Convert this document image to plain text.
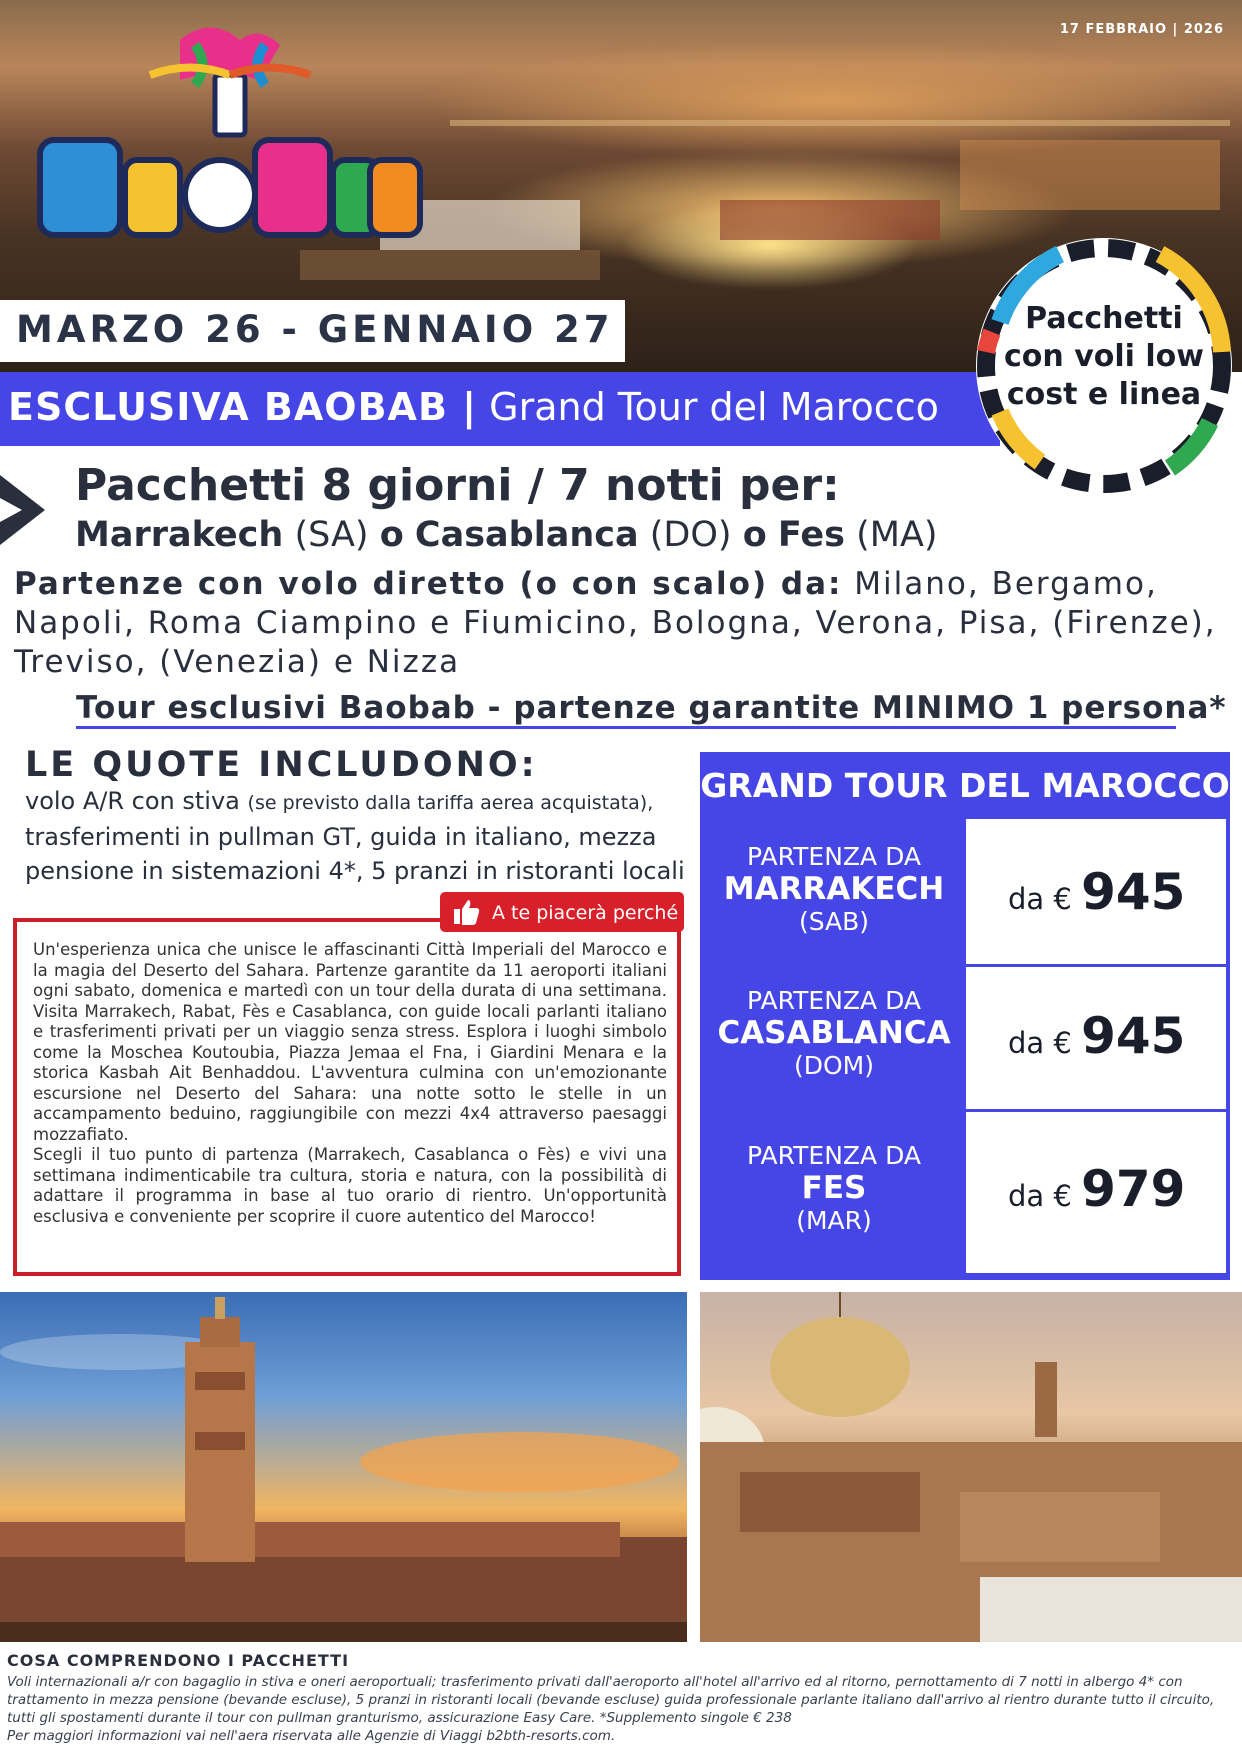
17 FEBBRAIO | 2026
MARZO 26 - GENNAIO 27
ESCLUSIVA BAOBAB | Grand Tour del Marocco
Pacchetti con voli low cost e linea
Pacchetti 8 giorni / 7 notti per:
Marrakech (SA) o Casablanca (DO) o Fes (MA)
Partenze con volo diretto (o con scalo) da: Milano, Bergamo, Napoli, Roma Ciampino e Fiumicino, Bologna, Verona, Pisa, (Firenze), Treviso, (Venezia) e Nizza
Tour esclusivi Baobab - partenze garantite MINIMO 1 persona*
LE QUOTE INCLUDONO:
volo A/R con stiva (se previsto dalla tariffa aerea acquistata),
trasferimenti in pullman GT, guida in italiano, mezza pensione in sistemazioni 4*, 5 pranzi in ristoranti locali
Un'esperienza unica che unisce le affascinanti Città Imperiali del Marocco e la magia del Deserto del Sahara. Partenze garantite da 11 aeroporti italiani ogni sabato, domenica e martedì con un tour della durata di una settimana. Visita Marrakech, Rabat, Fès e Casablanca, con guide locali parlanti italiano e trasferimenti privati per un viaggio senza stress. Esplora i luoghi simbolo come la Moschea Koutoubia, Piazza Jemaa el Fna, i Giardini Menara e la storica Kasbah Ait Benhaddou. L'avventura culmina con un'emozionante escursione nel Deserto del Sahara: una notte sotto le stelle in un accampamento beduino, raggiungibile con mezzi 4x4 attraverso paesaggi mozzafiato.
Scegli il tuo punto di partenza (Marrakech, Casablanca o Fès) e vivi una settimana indimenticabile tra cultura, storia e natura, con la possibilità di adattare il programma in base al tuo orario di rientro. Un'opportunità esclusiva e conveniente per scoprire il cuore autentico del Marocco!
A te piacerà perché
GRAND TOUR DEL MAROCCO
PARTENZA DA
MARRAKECH
(SAB)
da € 945
PARTENZA DA
CASABLANCA
(DOM)
da € 945
PARTENZA DA
FES
(MAR)
da € 979
COSA COMPRENDONO I PACCHETTI
Voli internazionali a/r con bagaglio in stiva e oneri aeroportuali; trasferimento privati dall'aeroporto all'hotel all'arrivo ed al ritorno, pernottamento di 7 notti in albergo 4* con trattamento in mezza pensione (bevande escluse), 5 pranzi in ristoranti locali (bevande escluse) guida professionale parlante italiano dall'arrivo al rientro durante tutto il circuito, tutti gli spostamenti durante il tour con pullman granturismo, assicurazione Easy Care. *Supplemento singole € 238
Per maggiori informazioni vai nell'aera riservata alle Agenzie di Viaggi b2bth-resorts.com.
